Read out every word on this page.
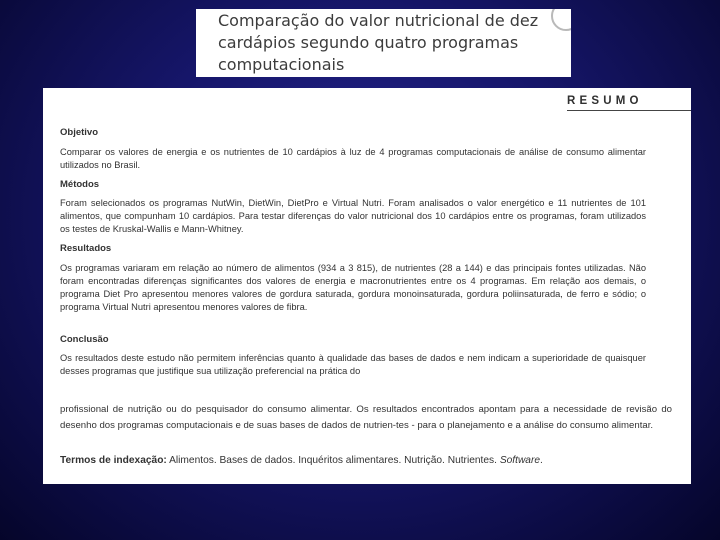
Comparação do valor nutricional de dez cardápios segundo quatro programas computacionais
RESUMO
Objetivo
Comparar os valores de energia e os nutrientes de 10 cardápios à luz de 4 programas computacionais de análise de consumo alimentar utilizados no Brasil.
Métodos
Foram selecionados os programas NutWin, DietWin, DietPro e Virtual Nutri. Foram analisados o valor energético e 11 nutrientes de 101 alimentos, que compunham 10 cardápios. Para testar diferenças do valor nutricional dos 10 cardápios entre os programas, foram utilizados os testes de Kruskal-Wallis e Mann-Whitney.
Resultados
Os programas variaram em relação ao número de alimentos (934 a 3 815), de nutrientes (28 a 144) e das principais fontes utilizadas. Não foram encontradas diferenças significantes dos valores de energia e macronutrientes entre os 4 programas. Em relação aos demais, o programa Diet Pro apresentou menores valores de gordura saturada, gordura monoinsaturada, gordura poliinsaturada, de ferro e sódio; o programa Virtual Nutri apresentou menores valores de fibra.
Conclusão
Os resultados deste estudo não permitem inferências quanto à qualidade das bases de dados e nem indicam a superioridade de quaisquer desses programas que justifique sua utilização preferencial na prática do
profissional de nutrição ou do pesquisador do consumo alimentar. Os resultados encontrados apontam para a necessidade de revisão do desenho dos programas computacionais e de suas bases de dados de nutrien-tes - para o planejamento e a análise do consumo alimentar.
Termos de indexação: Alimentos. Bases de dados. Inquéritos alimentares. Nutrição. Nutrientes. Software.
